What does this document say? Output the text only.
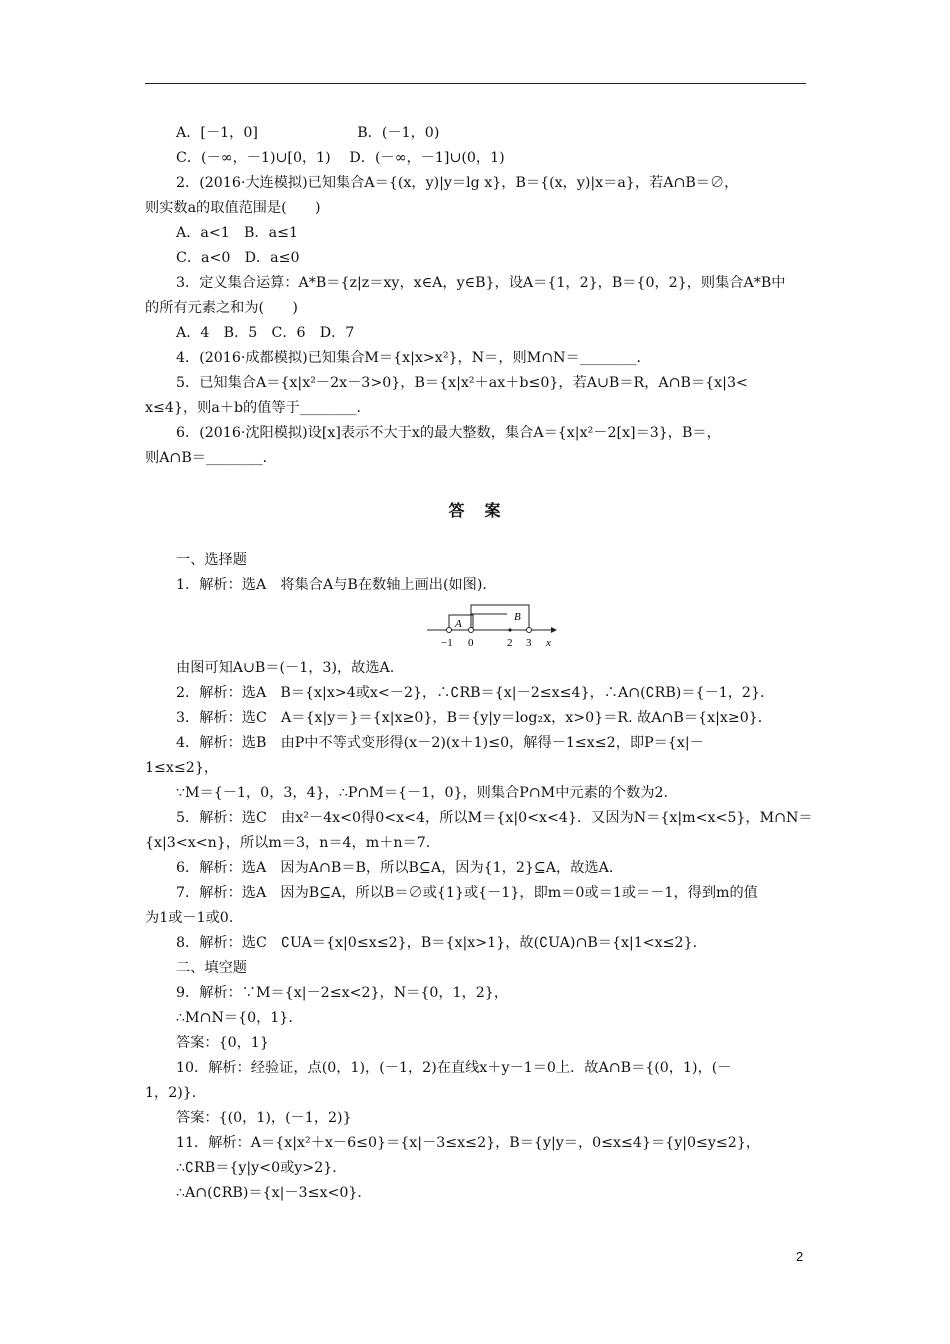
A．[－1，0]　　　　　　　B．(－1，0)
C．(－∞，－1)∪[0，1)　 D．(－∞，－1]∪(0，1)
2．(2016·大连模拟)已知集合A＝{(x，y)|y＝lg x}，B＝{(x，y)|x＝a}，若A∩B＝∅，
则实数a的取值范围是(　　)
A．a<1　B．a≤1
C．a<0　D．a≤0
3．定义集合运算：A*B＝{z|z＝xy，x∈A，y∈B}，设A＝{1，2}，B＝{0，2}，则集合A*B中
的所有元素之和为(　　)
A．4　B．5　C．6　D．7
4．(2016·成都模拟)已知集合M＝{x|x>x²}，N＝，则M∩N＝________．
5．已知集合A＝{x|x²－2x－3>0}，B＝{x|x²＋ax＋b≤0}，若A∪B＝R，A∩B＝{x|3<
x≤4}，则a＋b的值等于________．
6．(2016·沈阳模拟)设[x]表示不大于x的最大整数，集合A＝{x|x²－2[x]＝3}，B＝，
则A∩B＝________．
一、选择题
1．解析：选A　将集合A与B在数轴上画出(如图)．
由图可知A∪B＝(－1，3)，故选A.
2．解析：选A　B＝{x|x>4或x<－2}，∴∁RB＝{x|－2≤x≤4}，∴A∩(∁RB)＝{－1，2}．
3．解析：选C　A＝{x|y＝}＝{x|x≥0}，B＝{y|y＝log₂x，x>0}＝R. 故A∩B＝{x|x≥0}．
4．解析：选B　由P中不等式变形得(x－2)(x＋1)≤0，解得－1≤x≤2，即P＝{x|－
1≤x≤2}，
∵M＝{－1，0，3，4}，∴P∩M＝{－1，0}，则集合P∩M中元素的个数为2.
5．解析：选C　由x²－4x<0得0<x<4，所以M＝{x|0<x<4}．又因为N＝{x|m<x<5}，M∩N＝
{x|3<x<n}，所以m＝3，n＝4，m＋n＝7.
6．解析：选A　因为A∩B＝B，所以B⊆A，因为{1，2}⊆A，故选A.
7．解析：选A　因为B⊆A，所以B＝∅或{1}或{－1}，即m＝0或＝1或＝－1，得到m的值
为1或－1或0.
8．解析：选C　∁UA＝{x|0≤x≤2}，B＝{x|x>1}，故(∁UA)∩B＝{x|1<x≤2}．
二、填空题
9．解析：∵M＝{x|－2≤x<2}，N＝{0，1，2}，
∴M∩N＝{0，1}．
答案：{0，1}
10．解析：经验证，点(0，1)，(－1，2)在直线x＋y－1＝0上．故A∩B＝{(0，1)，(－
1，2)}．
答案：{(0，1)，(－1，2)}
11．解析：A＝{x|x²＋x－6≤0}＝{x|－3≤x≤2}，B＝{y|y＝，0≤x≤4}＝{y|0≤y≤2}，
∴∁RB＝{y|y<0或y>2}．
∴A∩(∁RB)＝{x|－3≤x<0}．
答　案
A
B
−1 0	2 3 x
2
